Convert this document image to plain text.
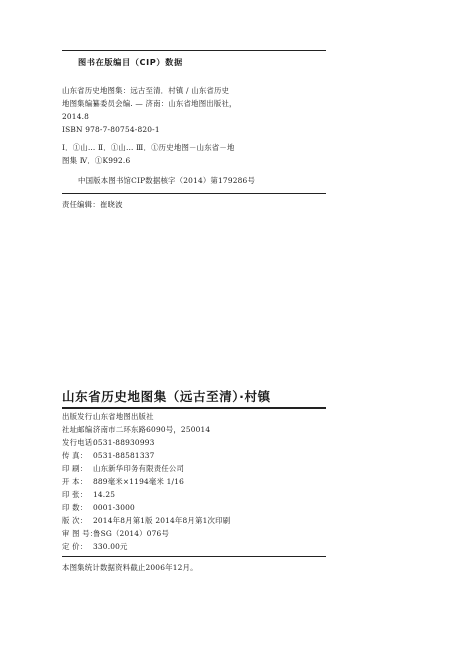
图书在版编目（CIP）数据
山东省历史地图集：远古至清．村镇 / 山东省历史
地图集编纂委员会编. — 济南：山东省地图出版社，
2014.8
ISBN 978-7-80754-820-1
Ⅰ．①山… Ⅱ．①山… Ⅲ．①历史地图－山东省－地
图集 Ⅳ．①K992.6
中国版本图书馆CIP数据核字（2014）第179286号
责任编辑：崔晓波
山东省历史地图集（远古至清）·村镇
出版发行：山东省地图出版社
社址邮编：济南市二环东路6090号，250014
发行电话：0531-88930993
传 真： 0531-88581337
印 刷： 山东新华印务有限责任公司
开 本： 889毫米×1194毫米 1/16
印 张： 14.25
印 数： 0001-3000
版 次： 2014年8月第1版 2014年8月第1次印刷
审 图 号：鲁SG（2014）076号
定 价： 330.00元
本图集统计数据资料截止2006年12月。
